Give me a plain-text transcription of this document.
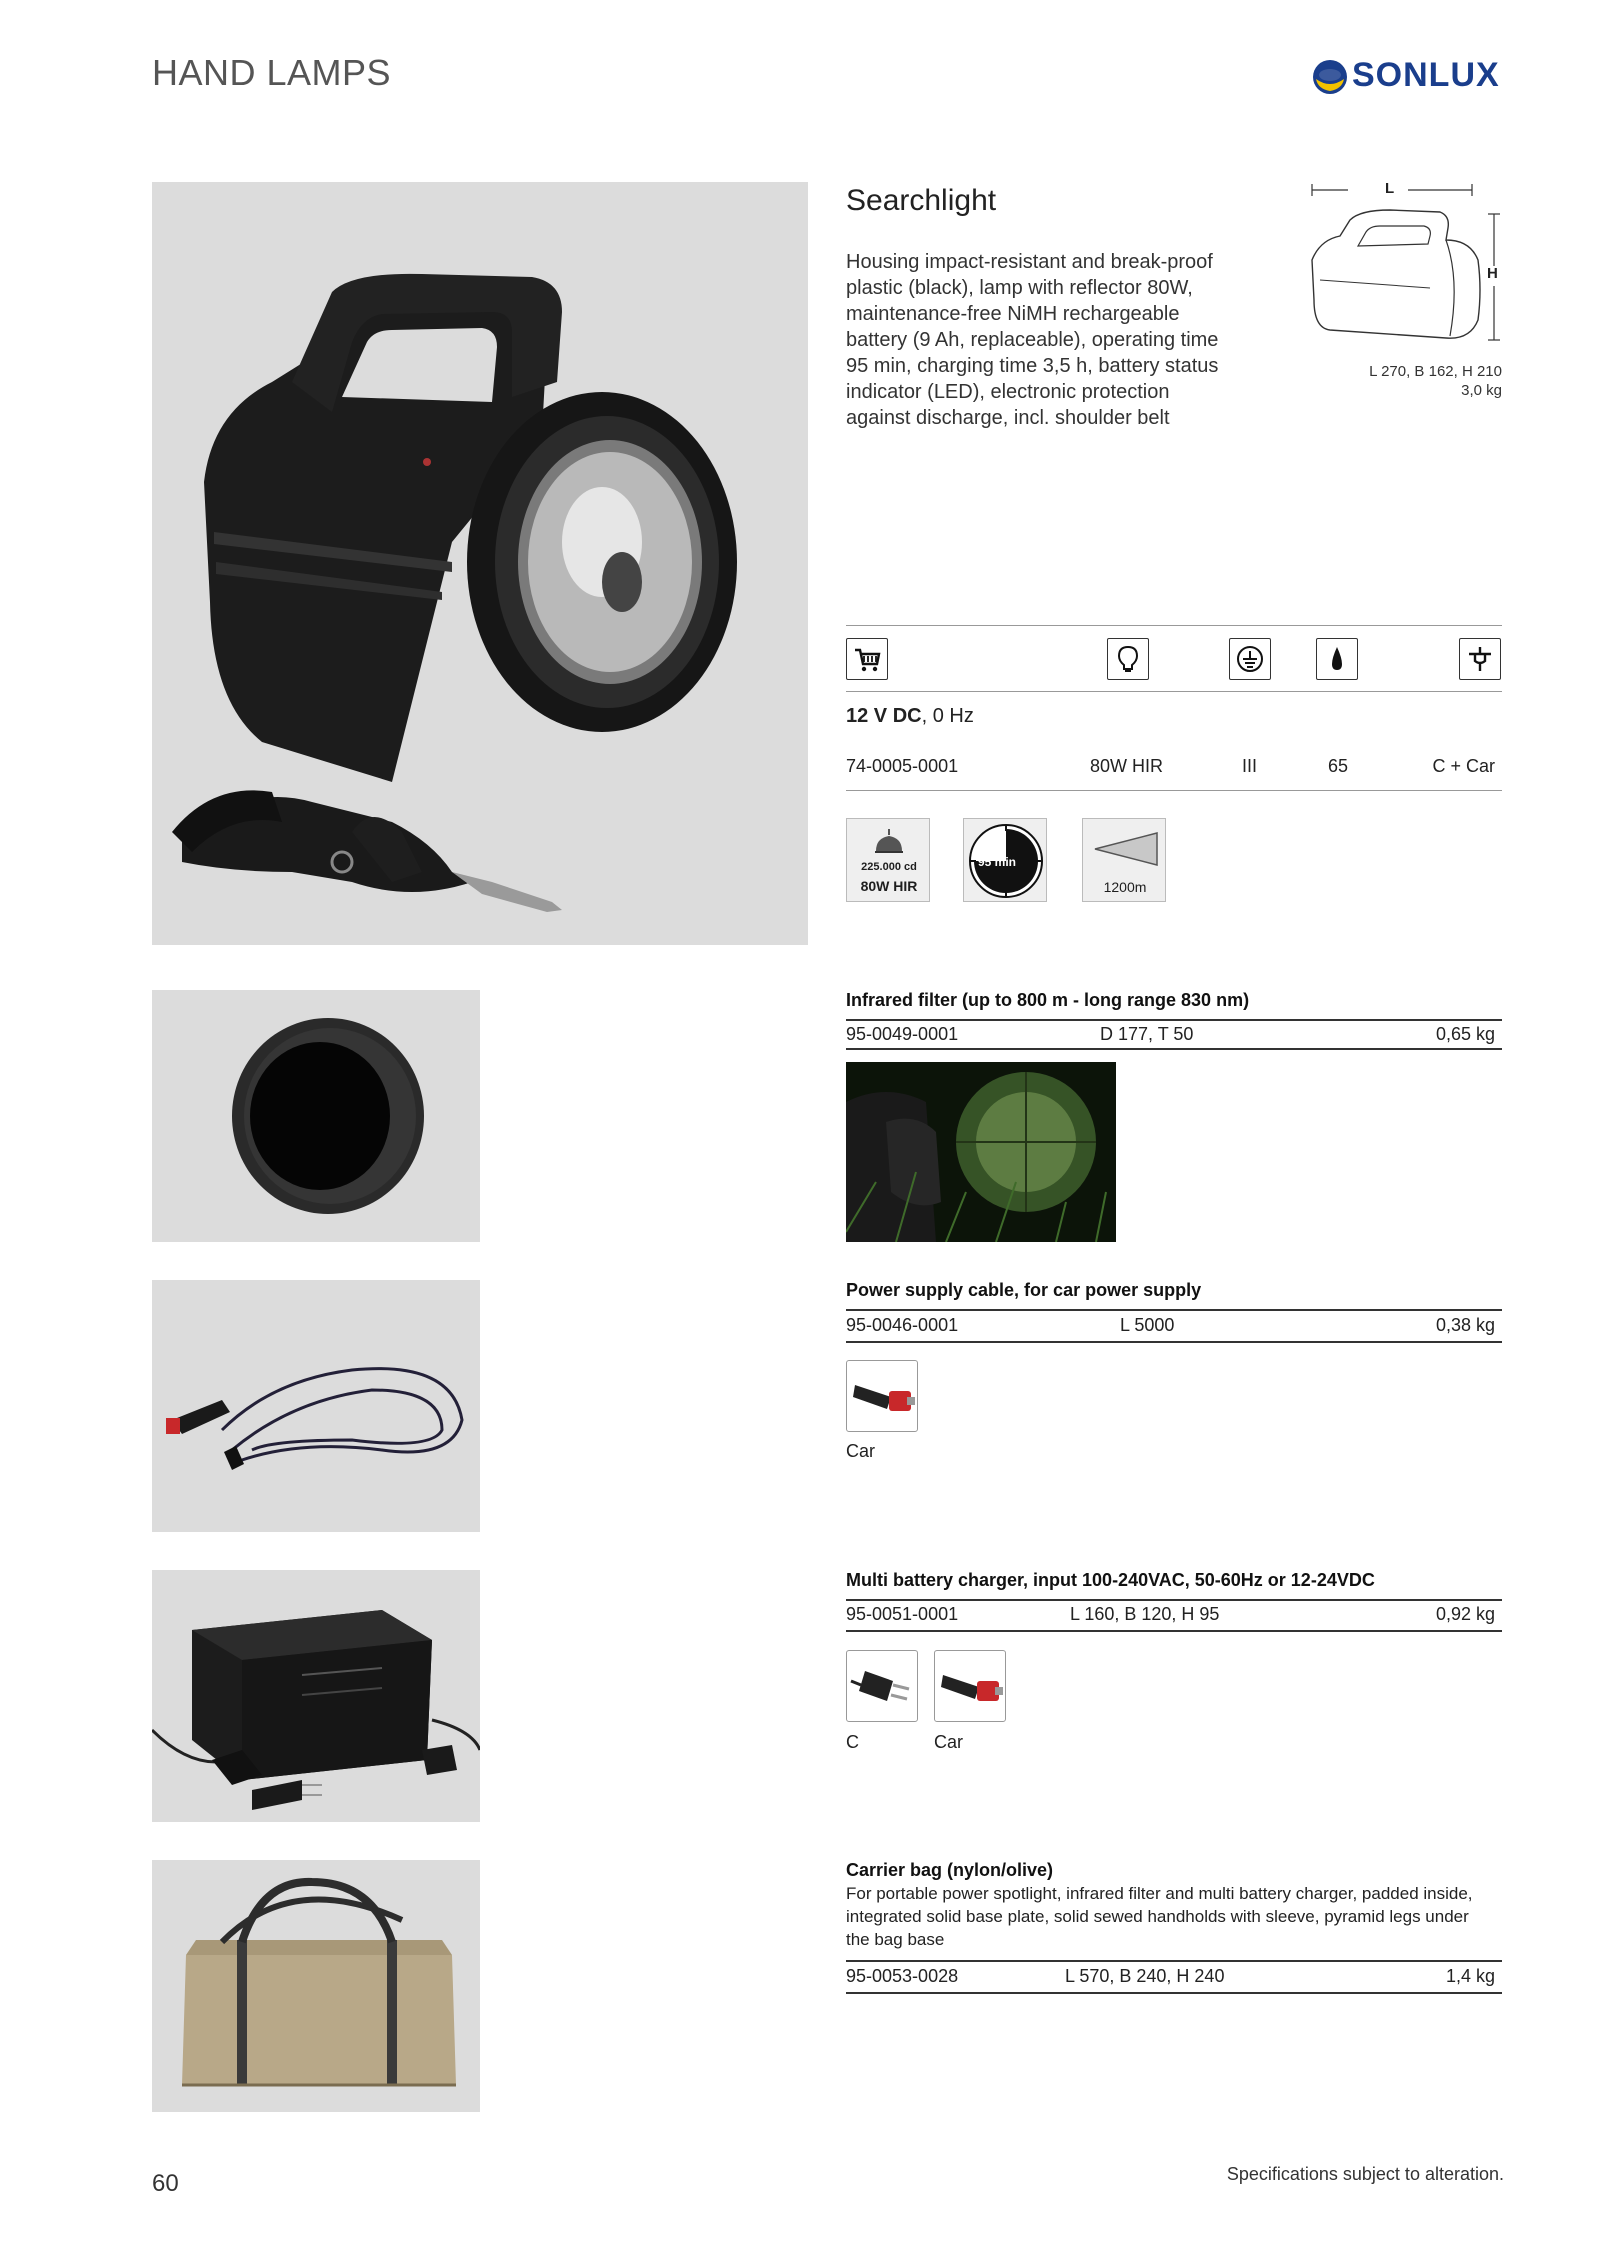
HAND LAMPS	SONLUX
Searchlight
Housing impact-resistant and break-proof plastic (black), lamp with reflector 80W, maintenance-free NiMH rechargeable battery (9 Ah, replaceable), operating time 95 min, charging time 3,5 h, battery status indicator (LED), electronic protection against discharge, incl. shoulder belt
L
H
L 270, B 162, H 210
3,0 kg
12 V DC, 0 Hz
74-0005-0001	80W HIR	III	65	C + Car
225.000 cd
80W HIR
95 min
1200m
Infrared filter (up to 800 m - long range 830 nm)
95-0049-0001	D 177, T 50	0,65 kg
Power supply cable, for car power supply
95-0046-0001	L 5000	0,38 kg
Car
Multi battery charger, input 100-240VAC, 50-60Hz or 12-24VDC
95-0051-0001	L 160, B 120, H 95	0,92 kg
C	Car
Carrier bag (nylon/olive)
For portable power spotlight, infrared filter and multi battery charger, padded inside, integrated solid base plate, solid sewed handholds with sleeve, pyramid legs under the bag base
95-0053-0028	L 570, B 240, H 240	1,4 kg
60	Specifications subject to alteration.
